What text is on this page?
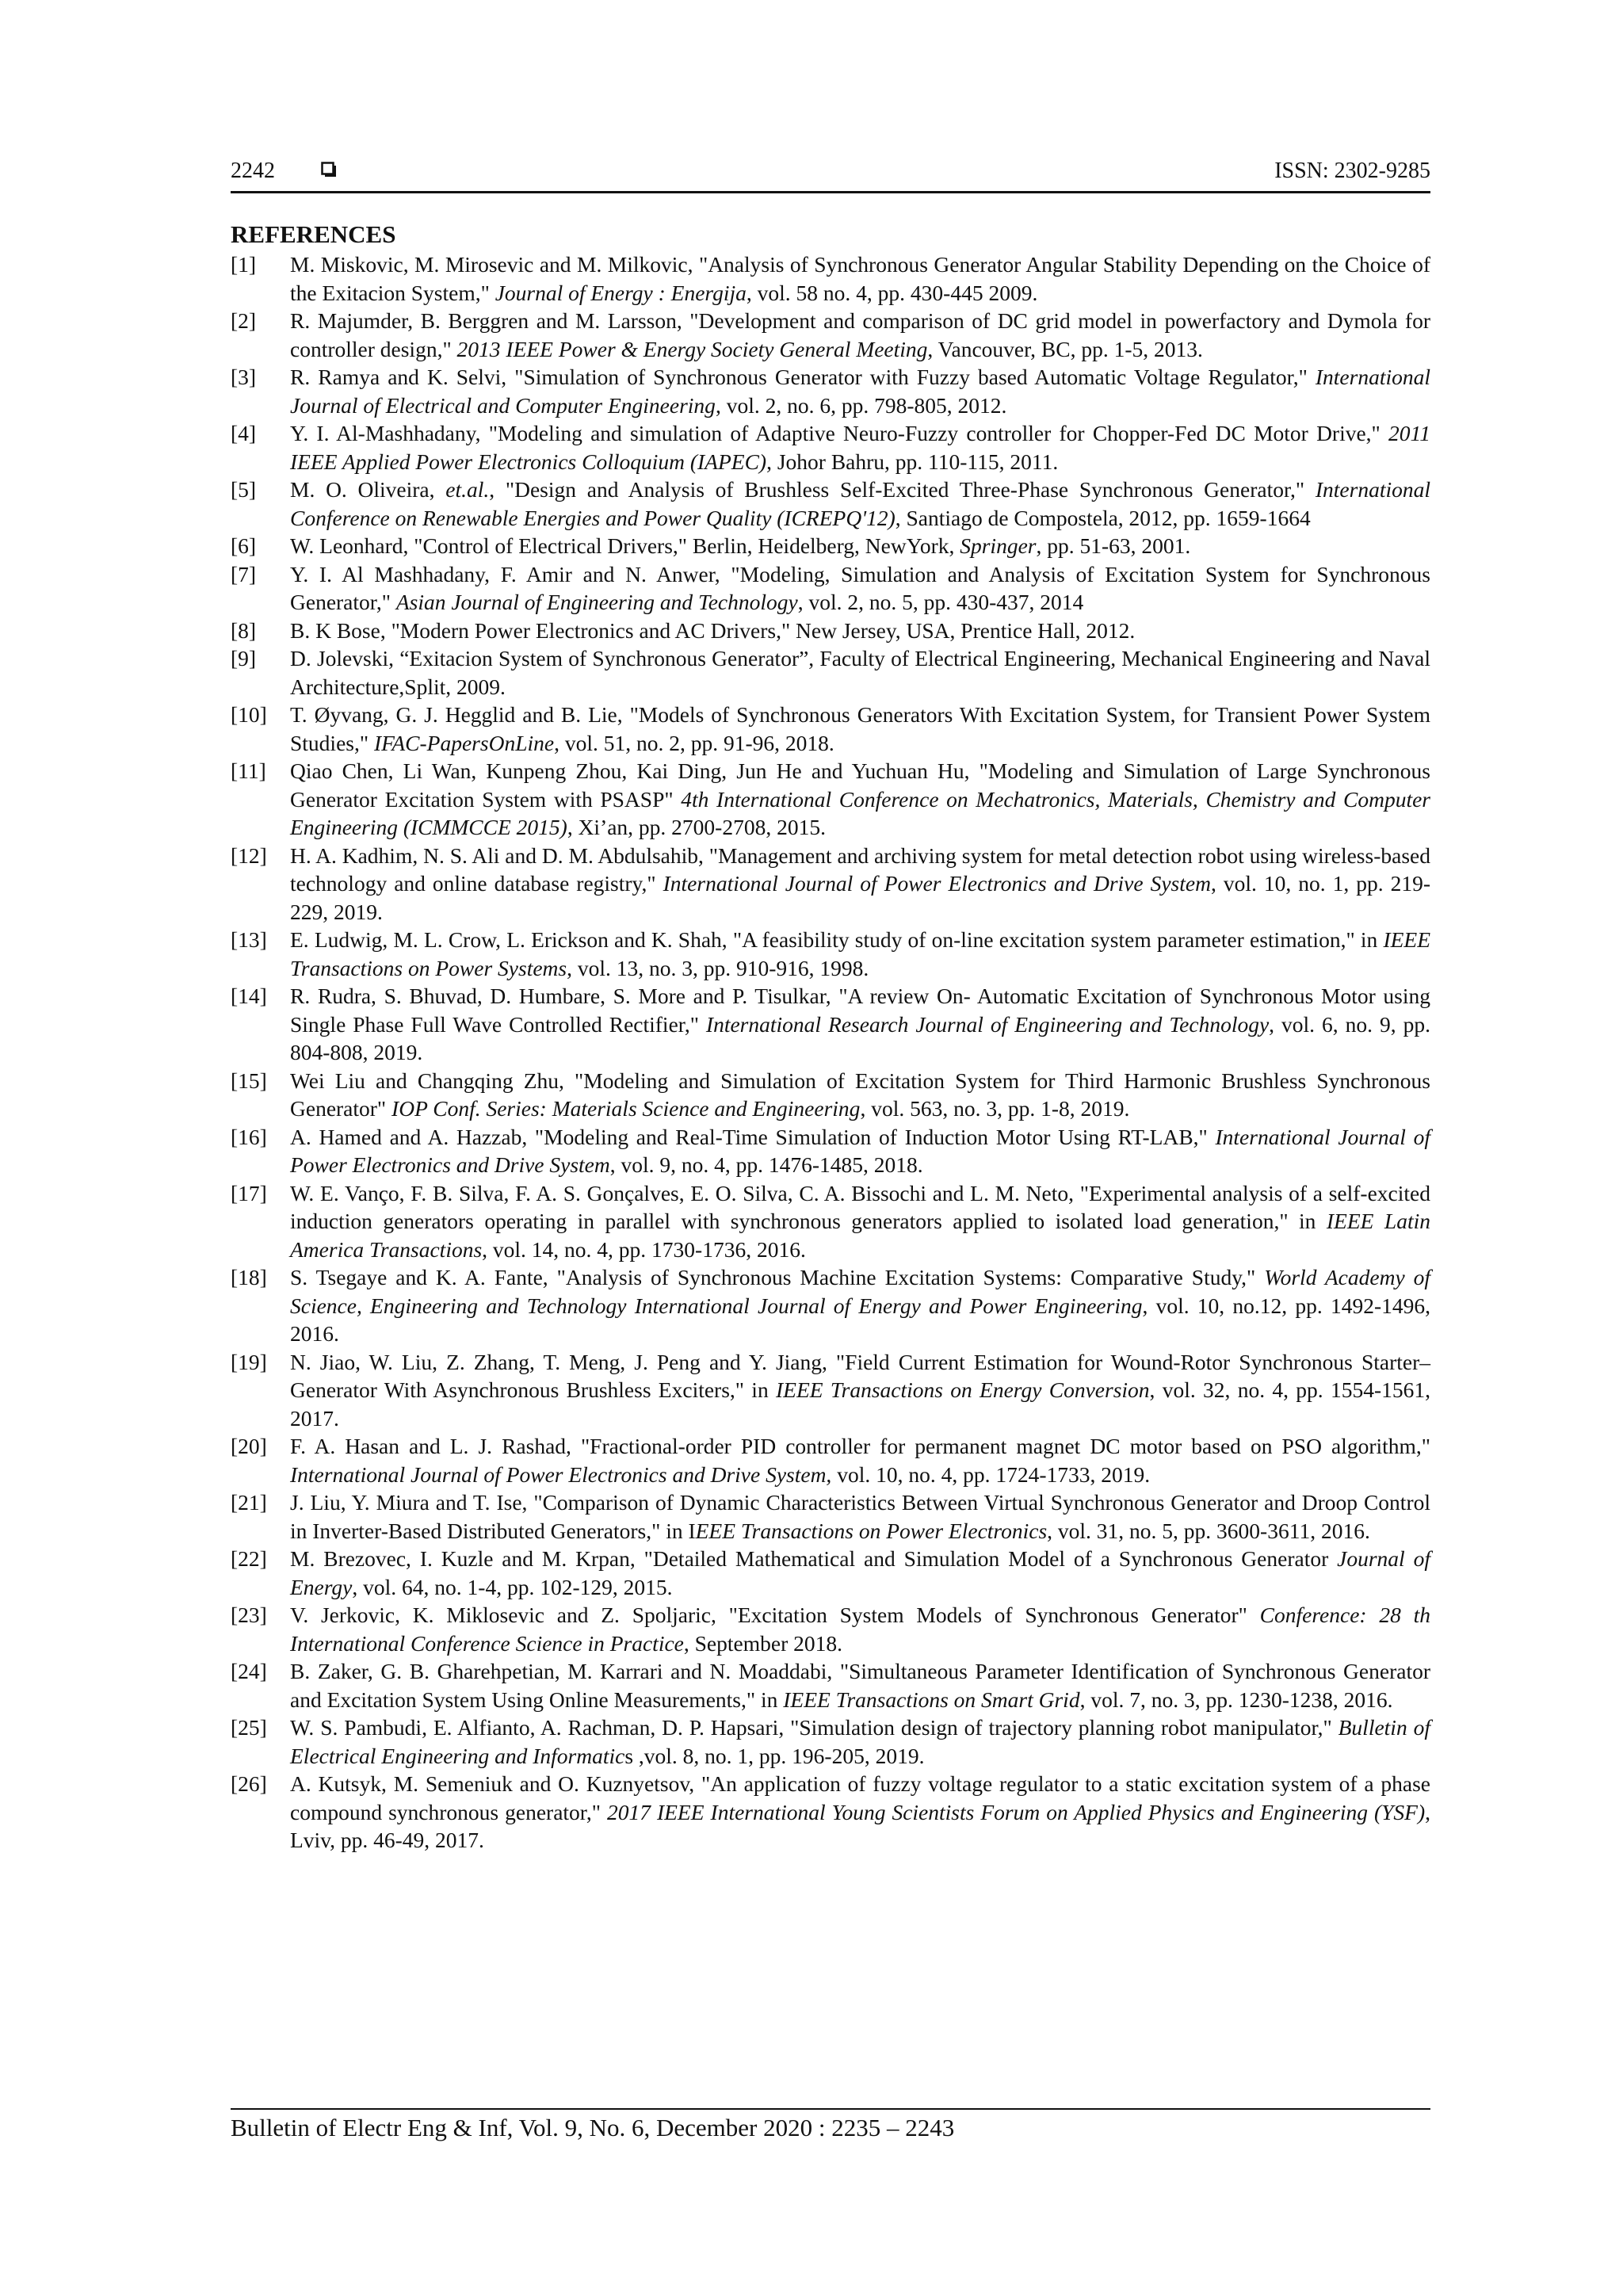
2242	ISSN: 2302-9285
REFERENCES
[1] M. Miskovic, M. Mirosevic and M. Milkovic, "Analysis of Synchronous Generator Angular Stability Depending on the Choice of the Exitacion System," Journal of Energy : Energija, vol. 58 no. 4, pp. 430-445 2009.
[2] R. Majumder, B. Berggren and M. Larsson, "Development and comparison of DC grid model in powerfactory and Dymola for controller design," 2013 IEEE Power & Energy Society General Meeting, Vancouver, BC, pp. 1-5, 2013.
[3] R. Ramya and K. Selvi, "Simulation of Synchronous Generator with Fuzzy based Automatic Voltage Regulator," International Journal of Electrical and Computer Engineering, vol. 2, no. 6, pp. 798-805, 2012.
[4] Y. I. Al-Mashhadany, "Modeling and simulation of Adaptive Neuro-Fuzzy controller for Chopper-Fed DC Motor Drive," 2011 IEEE Applied Power Electronics Colloquium (IAPEC), Johor Bahru, pp. 110-115, 2011.
[5] M. O. Oliveira, et.al., "Design and Analysis of Brushless Self-Excited Three-Phase Synchronous Generator," International Conference on Renewable Energies and Power Quality (ICREPQ'12), Santiago de Compostela, 2012, pp. 1659-1664
[6] W. Leonhard, "Control of Electrical Drivers," Berlin, Heidelberg, NewYork, Springer, pp. 51-63, 2001.
[7] Y. I. Al Mashhadany, F. Amir and N. Anwer, "Modeling, Simulation and Analysis of Excitation System for Synchronous Generator," Asian Journal of Engineering and Technology, vol. 2, no. 5, pp. 430-437, 2014
[8] B. K Bose, "Modern Power Electronics and AC Drivers," New Jersey, USA, Prentice Hall, 2012.
[9] D. Jolevski, “Exitacion System of Synchronous Generator”, Faculty of Electrical Engineering, Mechanical Engineering and Naval Architecture,Split, 2009.
[10] T. Øyvang, G. J. Hegglid and B. Lie, "Models of Synchronous Generators With Excitation System, for Transient Power System Studies," IFAC-PapersOnLine, vol. 51, no. 2, pp. 91-96, 2018.
[11] Qiao Chen, Li Wan, Kunpeng Zhou, Kai Ding, Jun He and Yuchuan Hu, "Modeling and Simulation of Large Synchronous Generator Excitation System with PSASP" 4th International Conference on Mechatronics, Materials, Chemistry and Computer Engineering (ICMMCCE 2015), Xi’an, pp. 2700-2708, 2015.
[12] H. A. Kadhim, N. S. Ali and D. M. Abdulsahib, "Management and archiving system for metal detection robot using wireless-based technology and online database registry," International Journal of Power Electronics and Drive System, vol. 10, no. 1, pp. 219-229, 2019.
[13] E. Ludwig, M. L. Crow, L. Erickson and K. Shah, "A feasibility study of on-line excitation system parameter estimation," in IEEE Transactions on Power Systems, vol. 13, no. 3, pp. 910-916, 1998.
[14] R. Rudra, S. Bhuvad, D. Humbare, S. More and P. Tisulkar, "A review On- Automatic Excitation of Synchronous Motor using Single Phase Full Wave Controlled Rectifier," International Research Journal of Engineering and Technology, vol. 6, no. 9, pp. 804-808, 2019.
[15] Wei Liu and Changqing Zhu, "Modeling and Simulation of Excitation System for Third Harmonic Brushless Synchronous Generator" IOP Conf. Series: Materials Science and Engineering, vol. 563, no. 3, pp. 1-8, 2019.
[16] A. Hamed and A. Hazzab, "Modeling and Real-Time Simulation of Induction Motor Using RT-LAB," International Journal of Power Electronics and Drive System, vol. 9, no. 4, pp. 1476-1485, 2018.
[17] W. E. Vanço, F. B. Silva, F. A. S. Gonçalves, E. O. Silva, C. A. Bissochi and L. M. Neto, "Experimental analysis of a self-excited induction generators operating in parallel with synchronous generators applied to isolated load generation," in IEEE Latin America Transactions, vol. 14, no. 4, pp. 1730-1736, 2016.
[18] S. Tsegaye and K. A. Fante, "Analysis of Synchronous Machine Excitation Systems: Comparative Study," World Academy of Science, Engineering and Technology International Journal of Energy and Power Engineering, vol. 10, no.12, pp. 1492-1496, 2016.
[19] N. Jiao, W. Liu, Z. Zhang, T. Meng, J. Peng and Y. Jiang, "Field Current Estimation for Wound-Rotor Synchronous Starter–Generator With Asynchronous Brushless Exciters," in IEEE Transactions on Energy Conversion, vol. 32, no. 4, pp. 1554-1561, 2017.
[20] F. A. Hasan and L. J. Rashad, "Fractional-order PID controller for permanent magnet DC motor based on PSO algorithm," International Journal of Power Electronics and Drive System, vol. 10, no. 4, pp. 1724-1733, 2019.
[21] J. Liu, Y. Miura and T. Ise, "Comparison of Dynamic Characteristics Between Virtual Synchronous Generator and Droop Control in Inverter-Based Distributed Generators," in IEEE Transactions on Power Electronics, vol. 31, no. 5, pp. 3600-3611, 2016.
[22] M. Brezovec, I. Kuzle and M. Krpan, "Detailed Mathematical and Simulation Model of a Synchronous Generator Journal of Energy, vol. 64, no. 1-4, pp. 102-129, 2015.
[23] V. Jerkovic, K. Miklosevic and Z. Spoljaric, "Excitation System Models of Synchronous Generator" Conference: 28 th International Conference Science in Practice, September 2018.
[24] B. Zaker, G. B. Gharehpetian, M. Karrari and N. Moaddabi, "Simultaneous Parameter Identification of Synchronous Generator and Excitation System Using Online Measurements," in IEEE Transactions on Smart Grid, vol. 7, no. 3, pp. 1230-1238, 2016.
[25] W. S. Pambudi, E. Alfianto, A. Rachman, D. P. Hapsari, "Simulation design of trajectory planning robot manipulator," Bulletin of Electrical Engineering and Informatics ,vol. 8, no. 1, pp. 196-205, 2019.
[26] A. Kutsyk, M. Semeniuk and O. Kuznyetsov, "An application of fuzzy voltage regulator to a static excitation system of a phase compound synchronous generator," 2017 IEEE International Young Scientists Forum on Applied Physics and Engineering (YSF), Lviv, pp. 46-49, 2017.
Bulletin of Electr Eng & Inf, Vol. 9, No. 6, December 2020 : 2235 – 2243
